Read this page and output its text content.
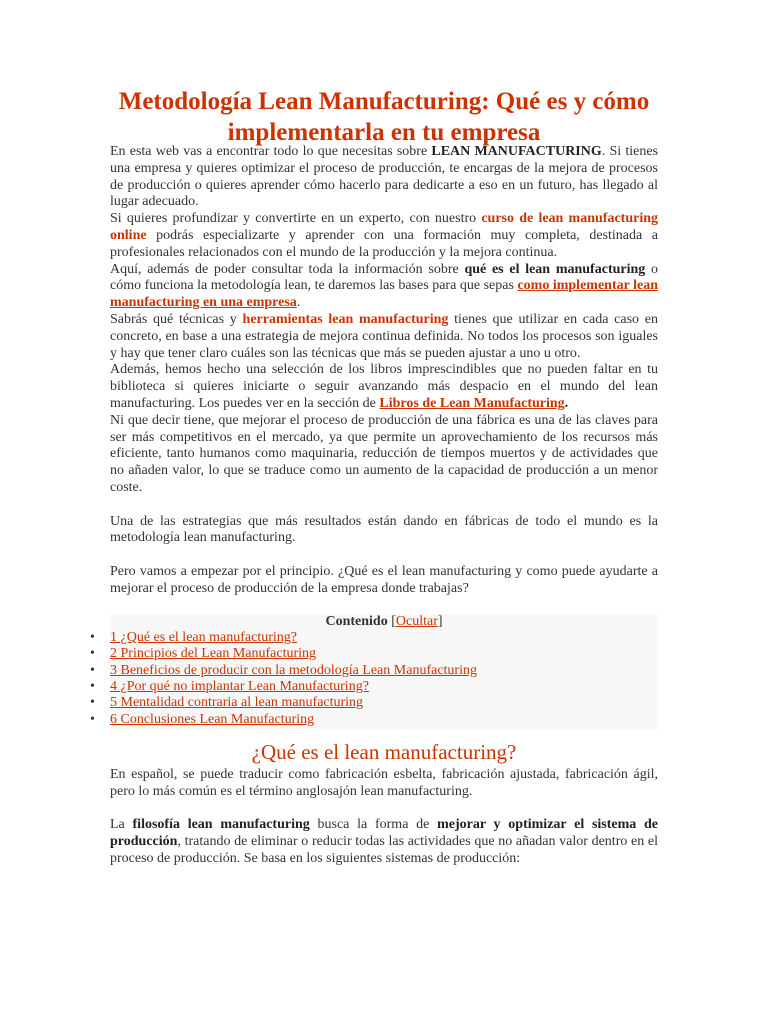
Metodología Lean Manufacturing: Qué es y cómo implementarla en tu empresa

En esta web vas a encontrar todo lo que necesitas sobre LEAN MANUFACTURING. Si tienes una empresa y quieres optimizar el proceso de producción, te encargas de la mejora de procesos de producción o quieres aprender cómo hacerlo para dedicarte a eso en un futuro, has llegado al lugar adecuado.

Si quieres profundizar y convertirte en un experto, con nuestro curso de lean manufacturing online podrás especializarte y aprender con una formación muy completa, destinada a profesionales relacionados con el mundo de la producción y la mejora continua.

Aquí, además de poder consultar toda la información sobre qué es el lean manufacturing o cómo funciona la metodología lean, te daremos las bases para que sepas como implementar lean manufacturing en una empresa.

Sabrás qué técnicas y herramientas lean manufacturing tienes que utilizar en cada caso en concreto, en base a una estrategia de mejora continua definida. No todos los procesos son iguales y hay que tener claro cuáles son las técnicas que más se pueden ajustar a uno u otro.

Además, hemos hecho una selección de los libros imprescindibles que no pueden faltar en tu biblioteca si quieres iniciarte o seguir avanzando más despacio en el mundo del lean manufacturing. Los puedes ver en la sección de Libros de Lean Manufacturing.

Ni que decir tiene, que mejorar el proceso de producción de una fábrica es una de las claves para ser más competitivos en el mercado, ya que permite un aprovechamiento de los recursos más eficiente, tanto humanos como maquinaria, reducción de tiempos muertos y de actividades que no añaden valor, lo que se traduce como un aumento de la capacidad de producción a un menor coste.

Una de las estrategias que más resultados están dando en fábricas de todo el mundo es la metodología lean manufacturing.

Pero vamos a empezar por el principio. ¿Qué es el lean manufacturing y como puede ayudarte a mejorar el proceso de producción de la empresa donde trabajas?

Contenido [Ocultar]
• 1 ¿Qué es el lean manufacturing?
• 2 Principios del Lean Manufacturing
• 3 Beneficios de producir con la metodología Lean Manufacturing
• 4 ¿Por qué no implantar Lean Manufacturing?
• 5 Mentalidad contraria al lean manufacturing
• 6 Conclusiones Lean Manufacturing
¿Qué es el lean manufacturing?

En español, se puede traducir como fabricación esbelta, fabricación ajustada, fabricación ágil, pero lo más común es el término anglosajón lean manufacturing.

La filosofía lean manufacturing busca la forma de mejorar y optimizar el sistema de producción, tratando de eliminar o reducir todas las actividades que no añadan valor dentro en el proceso de producción. Se basa en los siguientes sistemas de producción:
